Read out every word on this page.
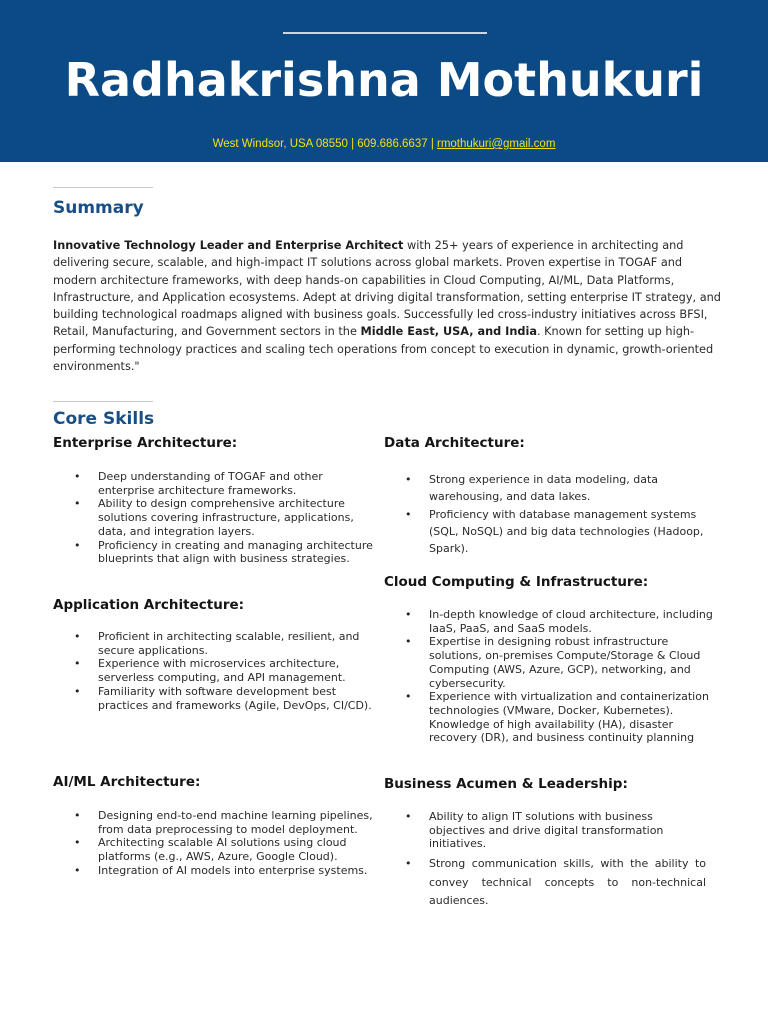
Radhakrishna Mothukuri
West Windsor, USA 08550 | 609.686.6637 | rmothukuri@gmail.com
Summary
Innovative Technology Leader and Enterprise Architect with 25+ years of experience in architecting and delivering secure, scalable, and high-impact IT solutions across global markets. Proven expertise in TOGAF and modern architecture frameworks, with deep hands-on capabilities in Cloud Computing, AI/ML, Data Platforms, Infrastructure, and Application ecosystems. Adept at driving digital transformation, setting enterprise IT strategy, and building technological roadmaps aligned with business goals. Successfully led cross-industry initiatives across BFSI, Retail, Manufacturing, and Government sectors in the Middle East, USA, and India. Known for setting up high-performing technology practices and scaling tech operations from concept to execution in dynamic, growth-oriented environments."
Core Skills
Enterprise Architecture:
• Deep understanding of TOGAF and other enterprise architecture frameworks.
• Ability to design comprehensive architecture solutions covering infrastructure, applications, data, and integration layers.
• Proficiency in creating and managing architecture blueprints that align with business strategies.
Application Architecture:
• Proficient in architecting scalable, resilient, and secure applications.
• Experience with microservices architecture, serverless computing, and API management.
• Familiarity with software development best practices and frameworks (Agile, DevOps, CI/CD).
AI/ML Architecture:
• Designing end-to-end machine learning pipelines, from data preprocessing to model deployment.
• Architecting scalable AI solutions using cloud platforms (e.g., AWS, Azure, Google Cloud).
• Integration of AI models into enterprise systems.
Data Architecture:
• Strong experience in data modeling, data warehousing, and data lakes.
• Proficiency with database management systems (SQL, NoSQL) and big data technologies (Hadoop, Spark).
Cloud Computing & Infrastructure:
• In-depth knowledge of cloud architecture, including IaaS, PaaS, and SaaS models.
• Expertise in designing robust infrastructure solutions, on-premises Compute/Storage & Cloud Computing (AWS, Azure, GCP), networking, and cybersecurity.
• Experience with virtualization and containerization technologies (VMware, Docker, Kubernetes). Knowledge of high availability (HA), disaster recovery (DR), and business continuity planning
Business Acumen & Leadership:
• Ability to align IT solutions with business objectives and drive digital transformation initiatives.
• Strong communication skills, with the ability to convey technical concepts to non-technical audiences.
